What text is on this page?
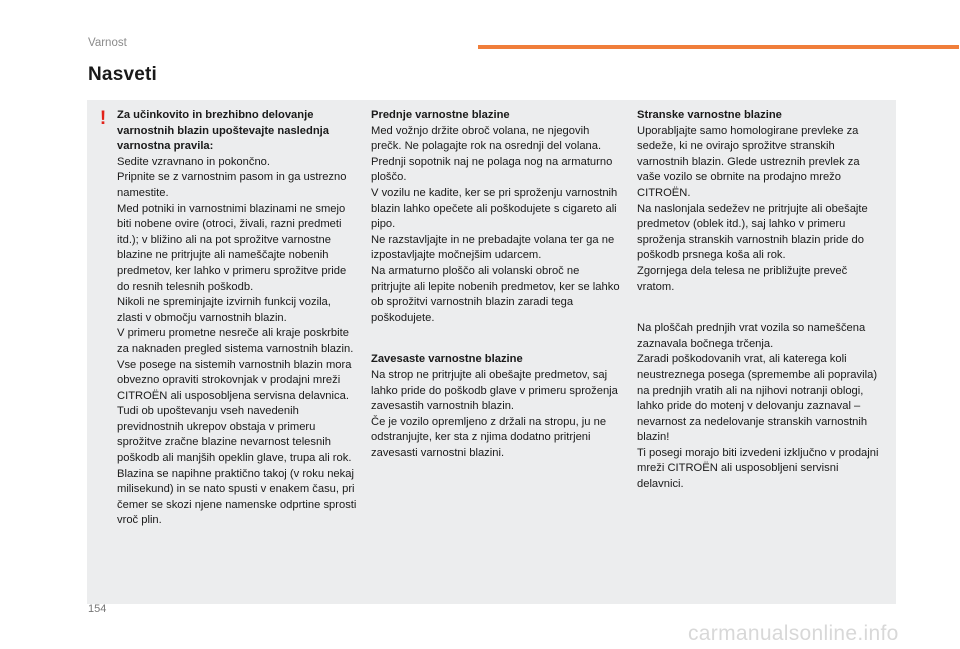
Varnost
Nasveti
! Za učinkovito in brezhibno delovanje varnostnih blazin upoštevajte naslednja varnostna pravila:

Sedite vzravnano in pokončno.

Pripnite se z varnostnim pasom in ga ustrezno namestite.

Med potniki in varnostnimi blazinami ne smejo biti nobene ovire (otroci, živali, razni predmeti itd.); v bližino ali na pot sprožitve varnostne blazine ne pritrjujte ali nameščajte nobenih predmetov, ker lahko v primeru sprožitve pride do resnih telesnih poškodb.

Nikoli ne spreminjajte izvirnih funkcij vozila, zlasti v območju varnostnih blazin.

V primeru prometne nesreče ali kraje poskrbite za naknaden pregled sistema varnostnih blazin.

Vse posege na sistemih varnostnih blazin mora obvezno opraviti strokovnjak v prodajni mreži CITROËN ali usposobljena servisna delavnica.

Tudi ob upoštevanju vseh navedenih previdnostnih ukrepov obstaja v primeru sprožitve zračne blazine nevarnost telesnih poškodb ali manjših opeklin glave, trupa ali rok. Blazina se napihne praktično takoj (v roku nekaj milisekund) in se nato spusti v enakem času, pri čemer se skozi njene namenske odprtine sprosti vroč plin.

Prednje varnostne blazine

Med vožnjo držite obroč volana, ne njegovih prečk. Ne polagajte rok na osrednji del volana.

Prednji sopotnik naj ne polaga nog na armaturno ploščo.

V vozilu ne kadite, ker se pri sproženju varnostnih blazin lahko opečete ali poškodujete s cigareto ali pipo.

Ne razstavljajte in ne prebadajte volana ter ga ne izpostavljajte močnejšim udarcem.

Na armaturno ploščo ali volanski obroč ne pritrjujte ali lepite nobenih predmetov, ker se lahko ob sprožitvi varnostnih blazin zaradi tega poškodujete.

Zavesaste varnostne blazine

Na strop ne pritrjujte ali obešajte predmetov, saj lahko pride do poškodb glave v primeru sproženja zavesastih varnostnih blazin.

Če je vozilo opremljeno z držali na stropu, ju ne odstranjujte, ker sta z njima dodatno pritrjeni zavesasti varnostni blazini.

Stranske varnostne blazine

Uporabljajte samo homologirane prevleke za sedeže, ki ne ovirajo sprožitve stranskih varnostnih blazin. Glede ustreznih prevlek za vaše vozilo se obrnite na prodajno mrežo CITROËN.

Na naslonjala sedežev ne pritrjujte ali obešajte predmetov (oblek itd.), saj lahko v primeru sproženja stranskih varnostnih blazin pride do poškodb prsnega koša ali rok.

Zgornjega dela telesa ne približujte preveč vratom.

Na ploščah prednjih vrat vozila so nameščena zaznavala bočnega trčenja.

Zaradi poškodovanih vrat, ali katerega koli neustreznega posega (spremembe ali popravila) na prednjih vratih ali na njihovi notranji oblogi, lahko pride do motenj v delovanju zaznaval – nevarnost za nedelovanje stranskih varnostnih blazin!

Ti posegi morajo biti izvedeni izključno v prodajni mreži CITROËN ali usposobljeni servisni delavnici.

154
carmanualsonline.info
